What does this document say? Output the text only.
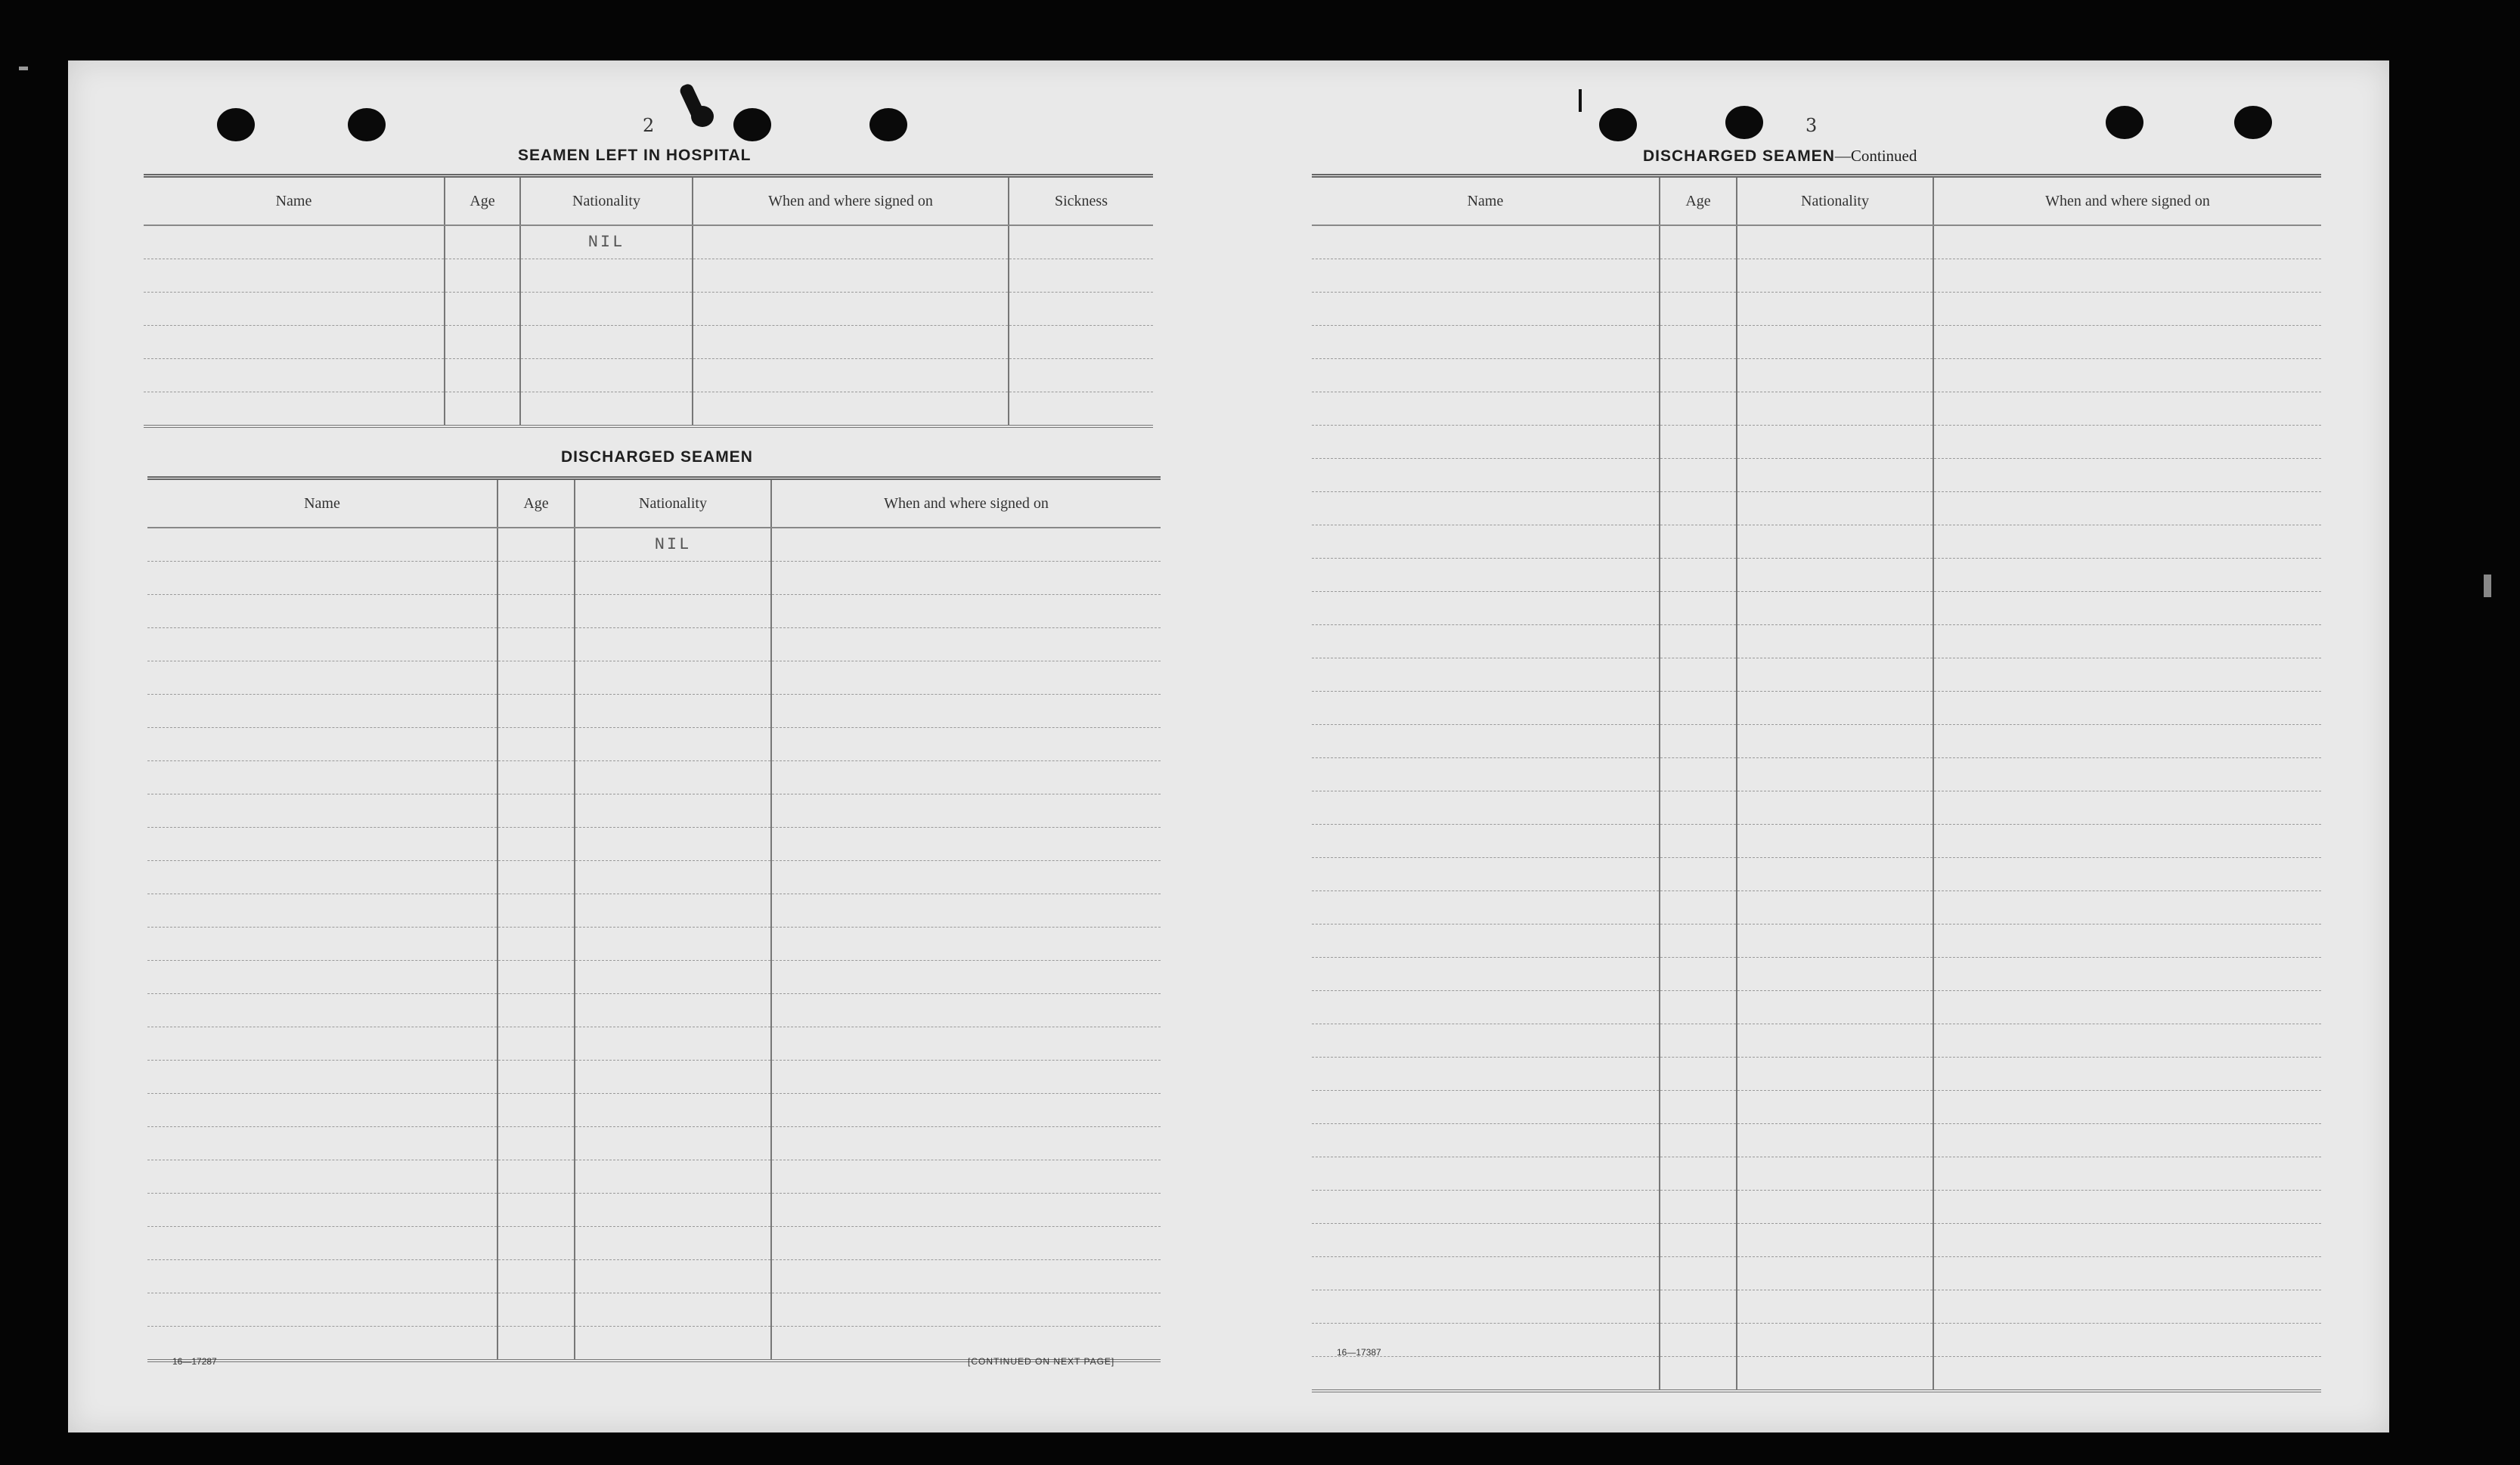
2
SEAMEN LEFT IN HOSPITAL
Name	Age	Nationality	When and where signed on	Sickness
		NIL		

DISCHARGED SEAMEN
Name	Age	Nationality	When and where signed on
		NIL	

16—17287	[CONTINUED ON NEXT PAGE]
3
DISCHARGED SEAMEN—Continued
Name	Age	Nationality	When and where signed on

16—17387
